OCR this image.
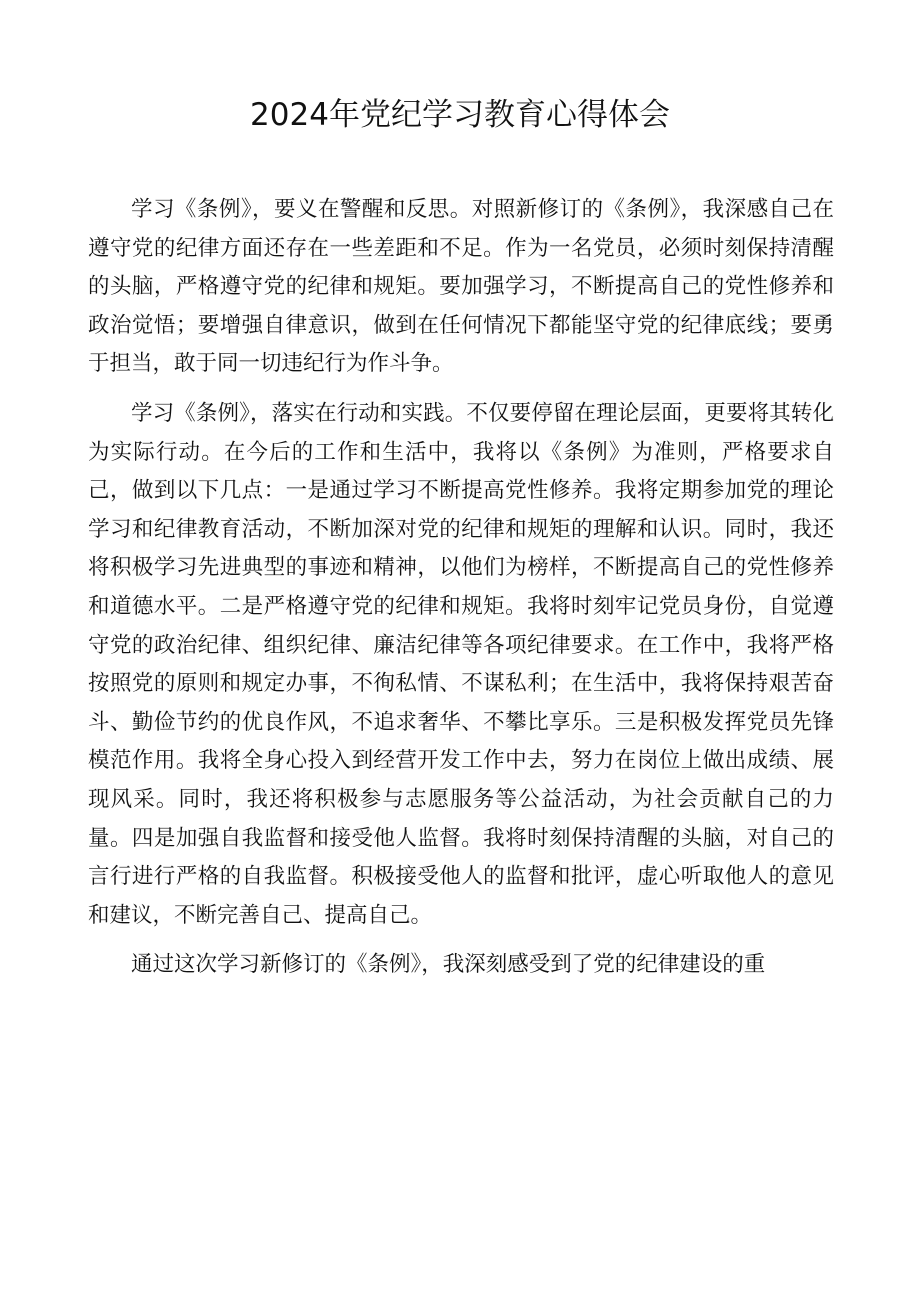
2024年党纪学习教育心得体会

学习《条例》，要义在警醒和反思。对照新修订的《条例》，我深感自己在遵守党的纪律方面还存在一些差距和不足。作为一名党员，必须时刻保持清醒的头脑，严格遵守党的纪律和规矩。要加强学习，不断提高自己的党性修养和政治觉悟；要增强自律意识，做到在任何情况下都能坚守党的纪律底线；要勇于担当，敢于同一切违纪行为作斗争。

学习《条例》，落实在行动和实践。不仅要停留在理论层面，更要将其转化为实际行动。在今后的工作和生活中，我将以《条例》为准则，严格要求自己，做到以下几点：一是通过学习不断提高党性修养。我将定期参加党的理论学习和纪律教育活动，不断加深对党的纪律和规矩的理解和认识。同时，我还将积极学习先进典型的事迹和精神，以他们为榜样，不断提高自己的党性修养和道德水平。二是严格遵守党的纪律和规矩。我将时刻牢记党员身份，自觉遵守党的政治纪律、组织纪律、廉洁纪律等各项纪律要求。在工作中，我将严格按照党的原则和规定办事，不徇私情、不谋私利；在生活中，我将保持艰苦奋斗、勤俭节约的优良作风，不追求奢华、不攀比享乐。三是积极发挥党员先锋模范作用。我将全身心投入到经营开发工作中去，努力在岗位上做出成绩、展现风采。同时，我还将积极参与志愿服务等公益活动，为社会贡献自己的力量。四是加强自我监督和接受他人监督。我将时刻保持清醒的头脑，对自己的言行进行严格的自我监督。积极接受他人的监督和批评，虚心听取他人的意见和建议，不断完善自己、提高自己。

通过这次学习新修订的《条例》，我深刻感受到了党的纪律建设的重
